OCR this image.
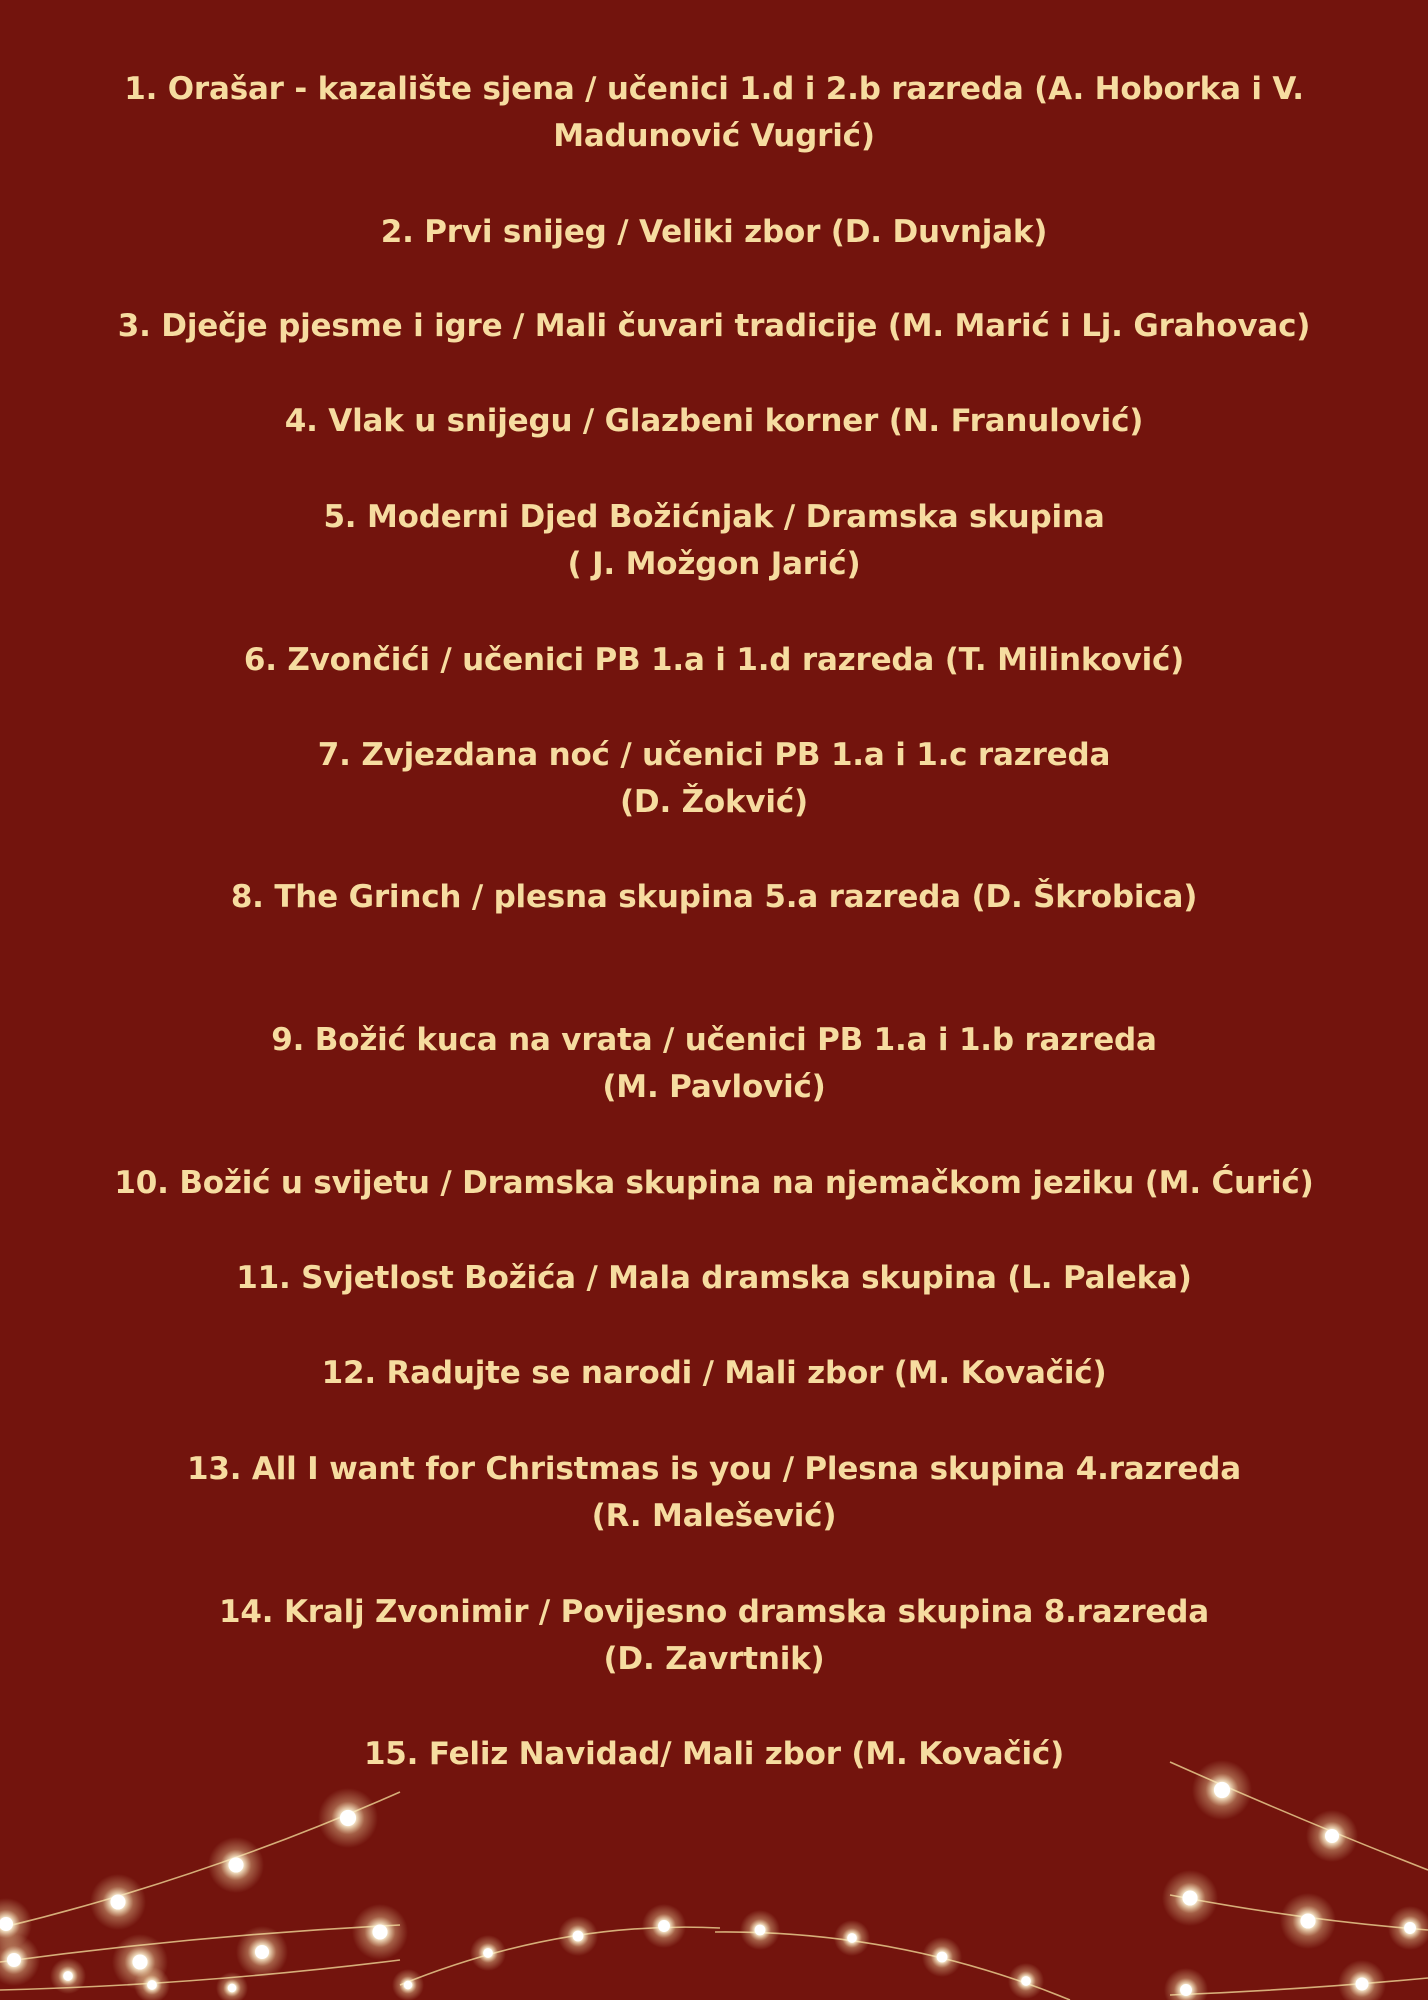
1. Orašar - kazalište sjena / učenici 1.d i 2.b razreda (A. Hoborka i V.
Madunović Vugrić)
2. Prvi snijeg / Veliki zbor (D. Duvnjak)
3. Dječje pjesme i igre / Mali čuvari tradicije (M. Marić i Lj. Grahovac)
4. Vlak u snijegu / Glazbeni korner (N. Franulović)
5. Moderni Djed Božićnjak / Dramska skupina
( J. Možgon Jarić)
6. Zvončići / učenici PB 1.a i 1.d razreda (T. Milinković)
7. Zvjezdana noć / učenici PB 1.a i 1.c razreda
(D. Žokvić)
8. The Grinch / plesna skupina 5.a razreda (D. Škrobica)
9. Božić kuca na vrata / učenici PB 1.a i 1.b razreda
(M. Pavlović)
10. Božić u svijetu / Dramska skupina na njemačkom jeziku (M. Ćurić)
11. Svjetlost Božića / Mala dramska skupina (L. Paleka)
12. Radujte se narodi / Mali zbor (M. Kovačić)
13. All I want for Christmas is you / Plesna skupina 4.razreda
(R. Malešević)
14. Kralj Zvonimir / Povijesno dramska skupina 8.razreda
(D. Zavrtnik)
15. Feliz Navidad/ Mali zbor (M. Kovačić)
